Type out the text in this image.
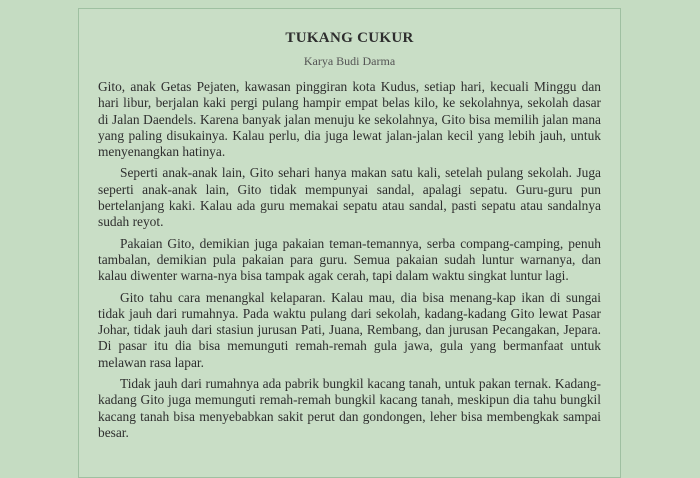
TUKANG CUKUR
Karya Budi Darma

Gito, anak Getas Pejaten, kawasan pinggiran kota Kudus, setiap hari, kecuali Minggu dan hari libur, berjalan kaki pergi pulang hampir empat belas kilo, ke sekolahnya, sekolah dasar di Jalan Daendels. Karena banyak jalan menuju ke sekolahnya, Gito bisa memilih jalan mana yang paling disukainya. Kalau perlu, dia juga lewat jalan-jalan kecil yang lebih jauh, untuk menyenangkan hatinya.

Seperti anak-anak lain, Gito sehari hanya makan satu kali, setelah pulang sekolah. Juga seperti anak-anak lain, Gito tidak mempunyai sandal, apalagi sepatu. Guru-guru pun bertelanjang kaki. Kalau ada guru memakai sepatu atau sandal, pasti sepatu atau sandalnya sudah reyot.

Pakaian Gito, demikian juga pakaian teman-temannya, serba compang-camping, penuh tambalan, demikian pula pakaian para guru. Semua pakaian sudah luntur warnanya, dan kalau diwenter warna-nya bisa tampak agak cerah, tapi dalam waktu singkat luntur lagi.

Gito tahu cara menangkal kelaparan. Kalau mau, dia bisa menang-kap ikan di sungai tidak jauh dari rumahnya. Pada waktu pulang dari sekolah, kadang-kadang Gito lewat Pasar Johar, tidak jauh dari stasiun jurusan Pati, Juana, Rembang, dan jurusan Pecangakan, Jepara. Di pasar itu dia bisa memunguti remah-remah gula jawa, gula yang bermanfaat untuk melawan rasa lapar.

Tidak jauh dari rumahnya ada pabrik bungkil kacang tanah, untuk pakan ternak. Kadang-kadang Gito juga memunguti remah-remah bungkil kacang tanah, meskipun dia tahu bungkil kacang tanah bisa menyebabkan sakit perut dan gondongen, leher bisa membengkak sampai besar.
